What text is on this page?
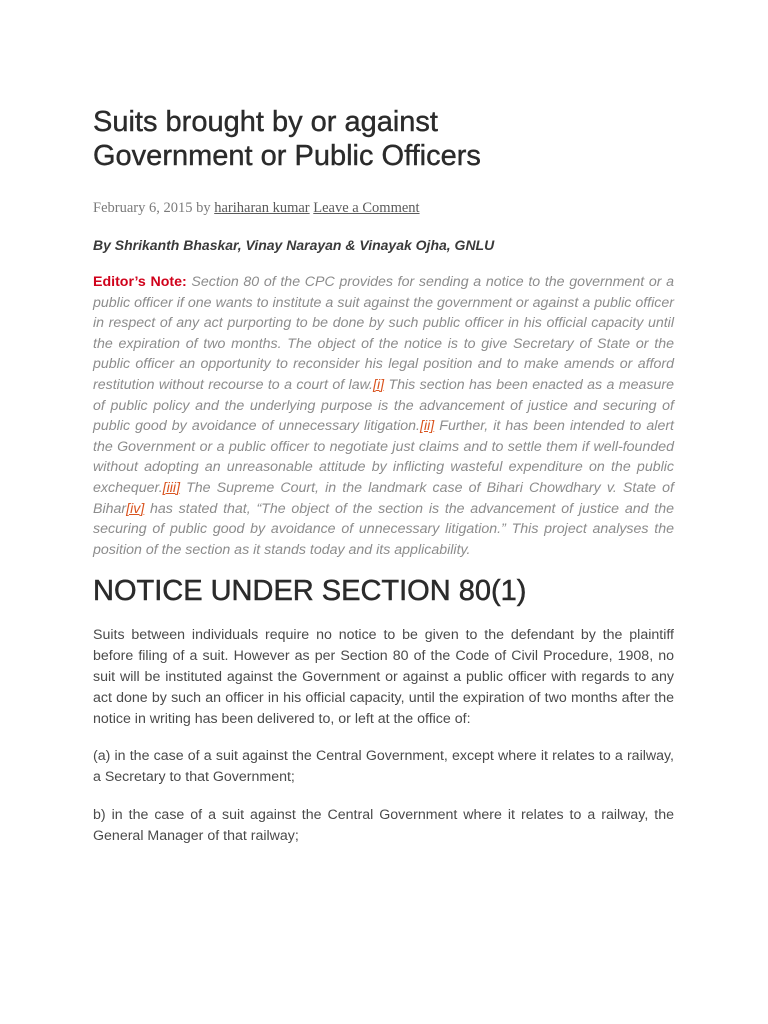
Suits brought by or against
Government or Public Officers
February 6, 2015 by hariharan kumar Leave a Comment
By Shrikanth Bhaskar, Vinay Narayan & Vinayak Ojha, GNLU
Editor’s Note: Section 80 of the CPC provides for sending a notice to the government or a public officer if one wants to institute a suit against the government or against a public officer in respect of any act purporting to be done by such public officer in his official capacity until the expiration of two months. The object of the notice is to give Secretary of State or the public officer an opportunity to reconsider his legal position and to make amends or afford restitution without recourse to a court of law.[i] This section has been enacted as a measure of public policy and the underlying purpose is the advancement of justice and securing of public good by avoidance of unnecessary litigation.[ii] Further, it has been intended to alert the Government or a public officer to negotiate just claims and to settle them if well-founded without adopting an unreasonable attitude by inflicting wasteful expenditure on the public exchequer.[iii] The Supreme Court, in the landmark case of Bihari Chowdhary v. State of Bihar[iv] has stated that, “The object of the section is the advancement of justice and the securing of public good by avoidance of unnecessary litigation.” This project analyses the position of the section as it stands today and its applicability.
NOTICE UNDER SECTION 80(1)

Suits between individuals require no notice to be given to the defendant by the plaintiff before filing of a suit. However as per Section 80 of the Code of Civil Procedure, 1908, no suit will be instituted against the Government or against a public officer with regards to any act done by such an officer in his official capacity, until the expiration of two months after the notice in writing has been delivered to, or left at the office of:

(a) in the case of a suit against the Central Government, except where it relates to a railway, a Secretary to that Government;

b) in the case of a suit against the Central Government where it relates to a railway, the General Manager of that railway;
